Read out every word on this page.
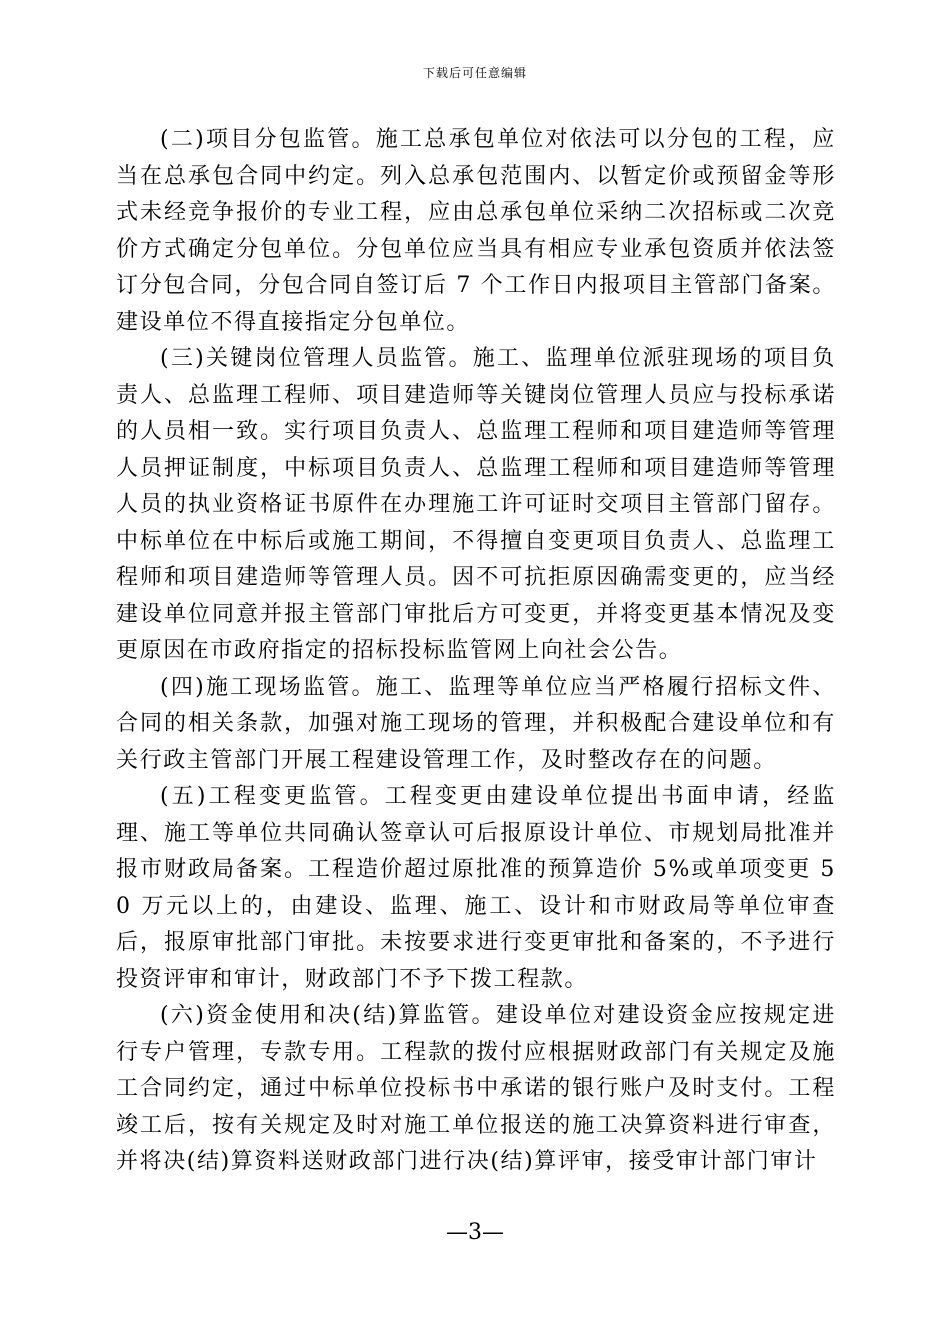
下载后可任意编辑

(二)项目分包监管。施工总承包单位对依法可以分包的工程，应当在总承包合同中约定。列入总承包范围内、以暂定价或预留金等形式未经竞争报价的专业工程，应由总承包单位采纳二次招标或二次竞价方式确定分包单位。分包单位应当具有相应专业承包资质并依法签订分包合同，分包合同自签订后 7 个工作日内报项目主管部门备案。建设单位不得直接指定分包单位。

(三)关键岗位管理人员监管。施工、监理单位派驻现场的项目负责人、总监理工程师、项目建造师等关键岗位管理人员应与投标承诺的人员相一致。实行项目负责人、总监理工程师和项目建造师等管理人员押证制度，中标项目负责人、总监理工程师和项目建造师等管理人员的执业资格证书原件在办理施工许可证时交项目主管部门留存。中标单位在中标后或施工期间，不得擅自变更项目负责人、总监理工程师和项目建造师等管理人员。因不可抗拒原因确需变更的，应当经建设单位同意并报主管部门审批后方可变更，并将变更基本情况及变更原因在市政府指定的招标投标监管网上向社会公告。

(四)施工现场监管。施工、监理等单位应当严格履行招标文件、合同的相关条款，加强对施工现场的管理，并积极配合建设单位和有关行政主管部门开展工程建设管理工作，及时整改存在的问题。

(五)工程变更监管。工程变更由建设单位提出书面申请，经监理、施工等单位共同确认签章认可后报原设计单位、市规划局批准并报市财政局备案。工程造价超过原批准的预算造价 5%或单项变更 50 万元以上的，由建设、监理、施工、设计和市财政局等单位审查后，报原审批部门审批。未按要求进行变更审批和备案的，不予进行投资评审和审计，财政部门不予下拨工程款。

(六)资金使用和决(结)算监管。建设单位对建设资金应按规定进行专户管理，专款专用。工程款的拨付应根据财政部门有关规定及施工合同约定，通过中标单位投标书中承诺的银行账户及时支付。工程竣工后，按有关规定及时对施工单位报送的施工决算资料进行审查，并将决(结)算资料送财政部门进行决(结)算评审，接受审计部门审计

—3—
